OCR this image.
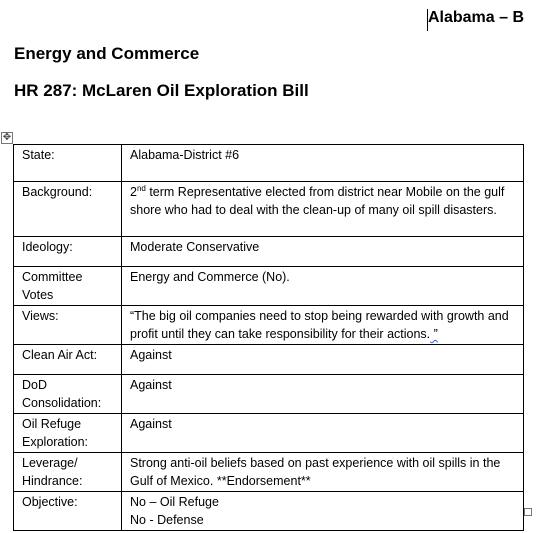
Alabama – B
Energy and Commerce
HR 287: McLaren Oil Exploration Bill
✥
State:	Alabama-District #6
Background:	2nd term Representative elected from district near Mobile on the gulf shore who had to deal with the clean-up of many oil spill disasters.
Ideology:	Moderate Conservative
Committee Votes	Energy and Commerce (No).
Views:	“The big oil companies need to stop being rewarded with growth and profit until they can take responsibility for their actions. ”
Clean Air Act:	Against
DoD Consolidation:	Against
Oil Refuge Exploration:	Against
Leverage/ Hindrance:	Strong anti-oil beliefs based on past experience with oil spills in the Gulf of Mexico. **Endorsement**
Objective:	No – Oil Refuge
No - Defense
